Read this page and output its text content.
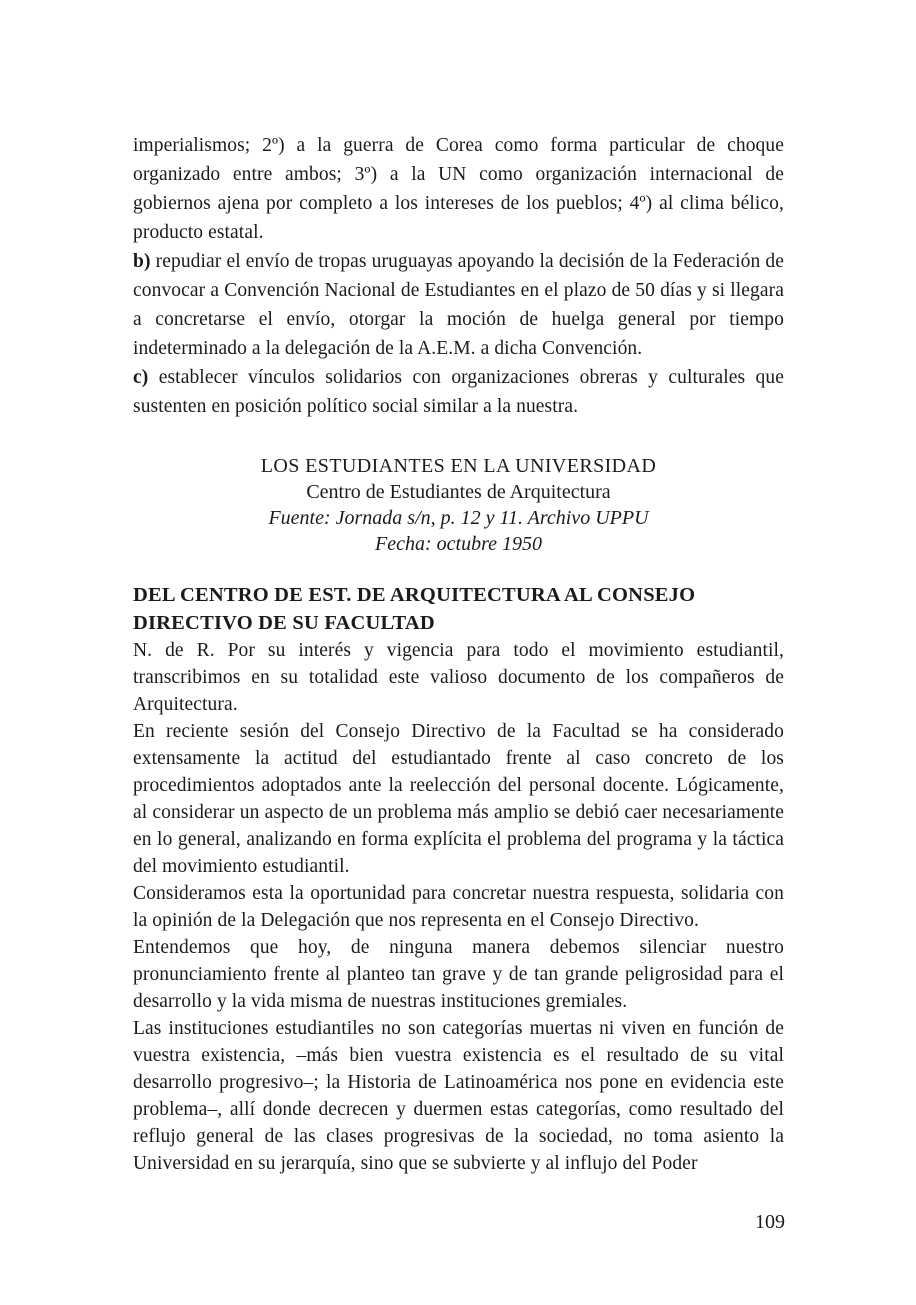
imperialismos; 2º) a la guerra de Corea como forma particular de choque organizado entre ambos; 3º) a la UN como organización internacional de gobiernos ajena por completo a los intereses de los pueblos; 4º) al clima bélico, producto estatal.

b) repudiar el envío de tropas uruguayas apoyando la decisión de la Federación de convocar a Convención Nacional de Estudiantes en el plazo de 50 días y si llegara a concretarse el envío, otorgar la moción de huelga general por tiempo indeterminado a la delegación de la A.E.M. a dicha Convención.

c) establecer vínculos solidarios con organizaciones obreras y culturales que sustenten en posición político social similar a la nuestra.

LOS ESTUDIANTES EN LA UNIVERSIDAD
Centro de Estudiantes de Arquitectura
Fuente: Jornada s/n, p. 12 y 11. Archivo UPPU
Fecha: octubre 1950
DEL CENTRO DE EST. DE ARQUITECTURA AL CONSEJO
DIRECTIVO DE SU FACULTAD

N. de R. Por su interés y vigencia para todo el movimiento estudiantil, transcribimos en su totalidad este valioso documento de los compañeros de Arquitectura.

En reciente sesión del Consejo Directivo de la Facultad se ha considerado extensamente la actitud del estudiantado frente al caso concreto de los procedimientos adoptados ante la reelección del personal docente. Lógicamente, al considerar un aspecto de un problema más amplio se debió caer necesariamente en lo general, analizando en forma explícita el problema del programa y la táctica del movimiento estudiantil.

Consideramos esta la oportunidad para concretar nuestra respuesta, solidaria con la opinión de la Delegación que nos representa en el Consejo Directivo.

Entendemos que hoy, de ninguna manera debemos silenciar nuestro pronunciamiento frente al planteo tan grave y de tan grande peligrosidad para el desarrollo y la vida misma de nuestras instituciones gremiales.

Las instituciones estudiantiles no son categorías muertas ni viven en función de vuestra existencia, –más bien vuestra existencia es el resultado de su vital desarrollo progresivo–; la Historia de Latinoamérica nos pone en evidencia este problema–, allí donde decrecen y duermen estas categorías, como resultado del reflujo general de las clases progresivas de la sociedad, no toma asiento la Universidad en su jerarquía, sino que se subvierte y al influjo del Poder

109
